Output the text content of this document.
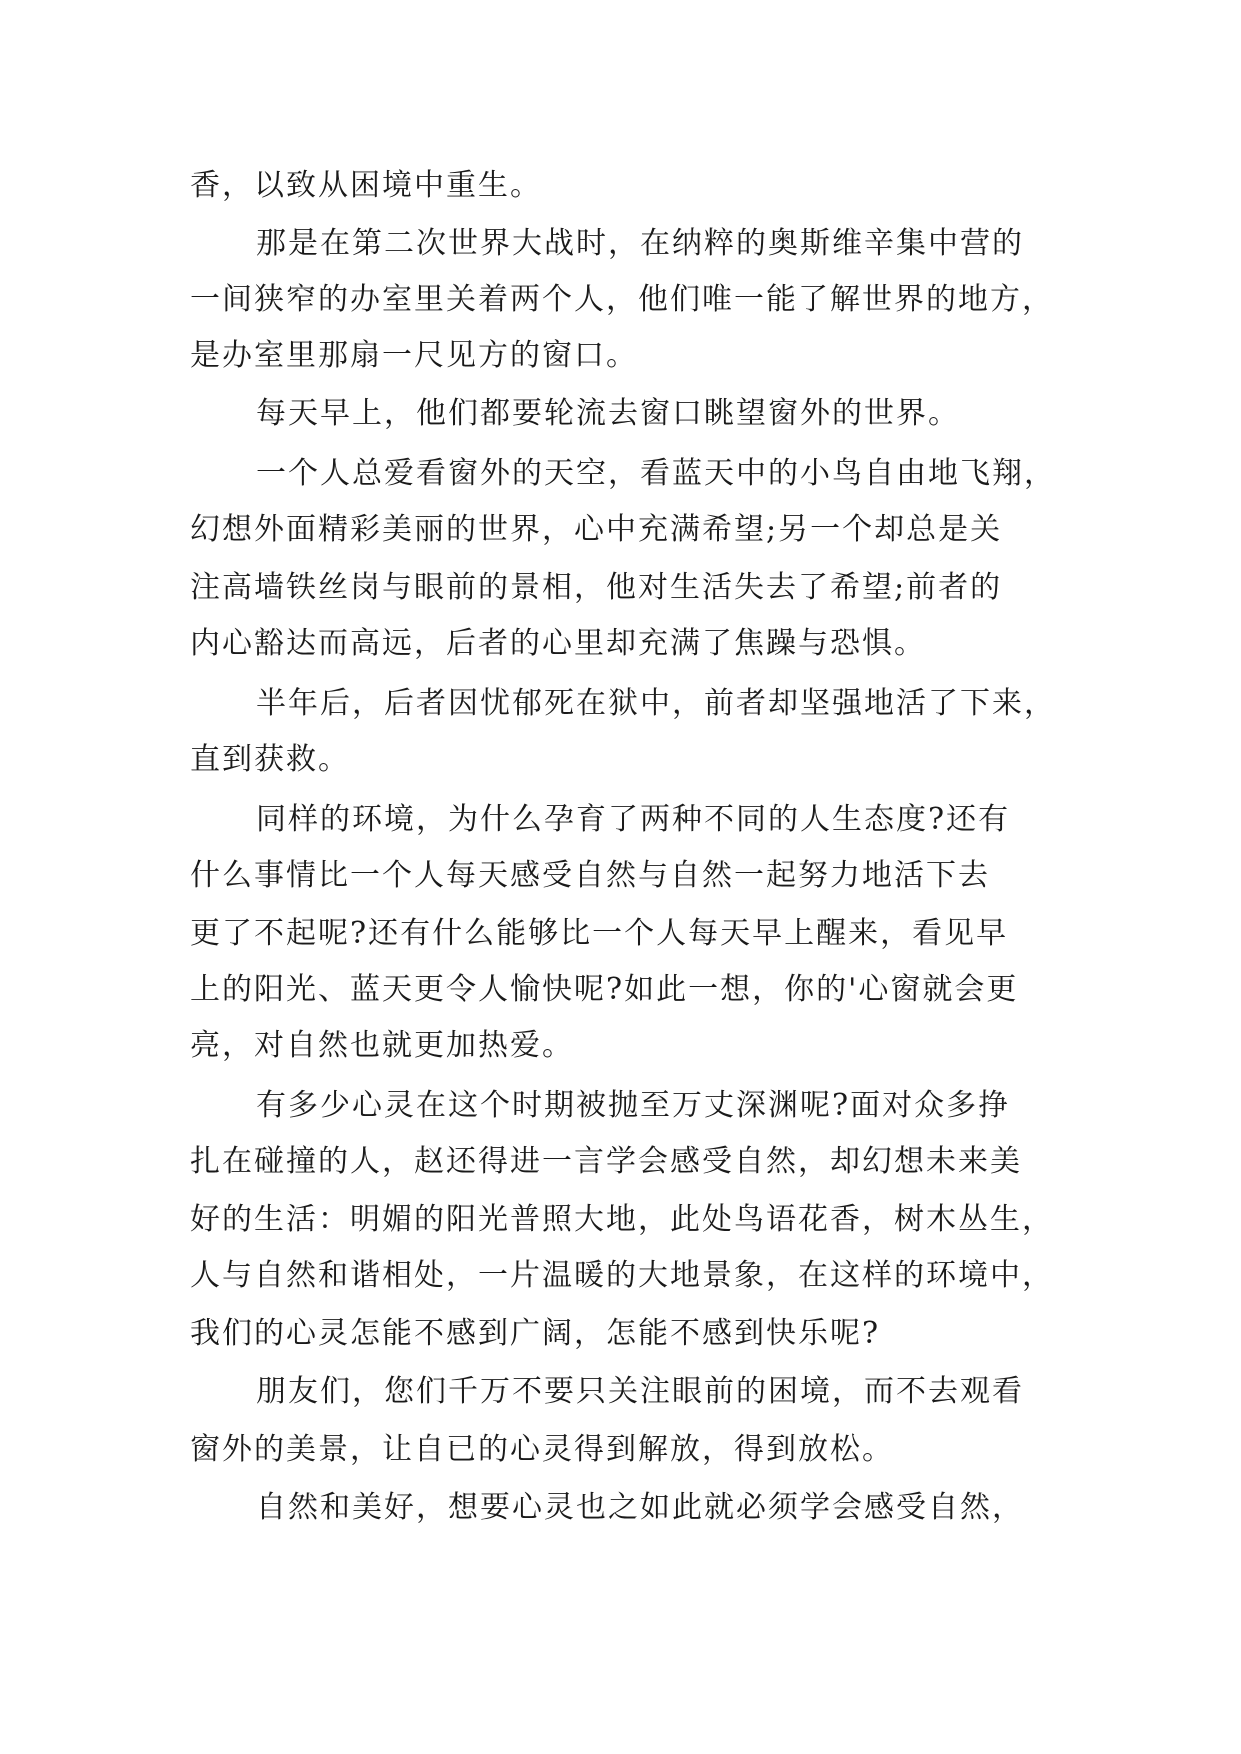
香，以致从困境中重生。
那是在第二次世界大战时，在纳粹的奥斯维辛集中营的
一间狭窄的办室里关着两个人，他们唯一能了解世界的地方，
是办室里那扇一尺见方的窗口。
每天早上，他们都要轮流去窗口眺望窗外的世界。
一个人总爱看窗外的天空，看蓝天中的小鸟自由地飞翔，
幻想外面精彩美丽的世界，心中充满希望;另一个却总是关
注高墙铁丝岗与眼前的景相，他对生活失去了希望;前者的
内心豁达而高远，后者的心里却充满了焦躁与恐惧。
半年后，后者因忧郁死在狱中，前者却坚强地活了下来，
直到获救。
同样的环境，为什么孕育了两种不同的人生态度?还有
什么事情比一个人每天感受自然与自然一起努力地活下去
更了不起呢?还有什么能够比一个人每天早上醒来，看见早
上的阳光、蓝天更令人愉快呢?如此一想，你的'心窗就会更
亮，对自然也就更加热爱。
有多少心灵在这个时期被抛至万丈深渊呢?面对众多挣
扎在碰撞的人，赵还得进一言学会感受自然，却幻想未来美
好的生活：明媚的阳光普照大地，此处鸟语花香，树木丛生，
人与自然和谐相处，一片温暖的大地景象，在这样的环境中，
我们的心灵怎能不感到广阔，怎能不感到快乐呢?
朋友们，您们千万不要只关注眼前的困境，而不去观看
窗外的美景，让自已的心灵得到解放，得到放松。
自然和美好，想要心灵也之如此就必须学会感受自然，
